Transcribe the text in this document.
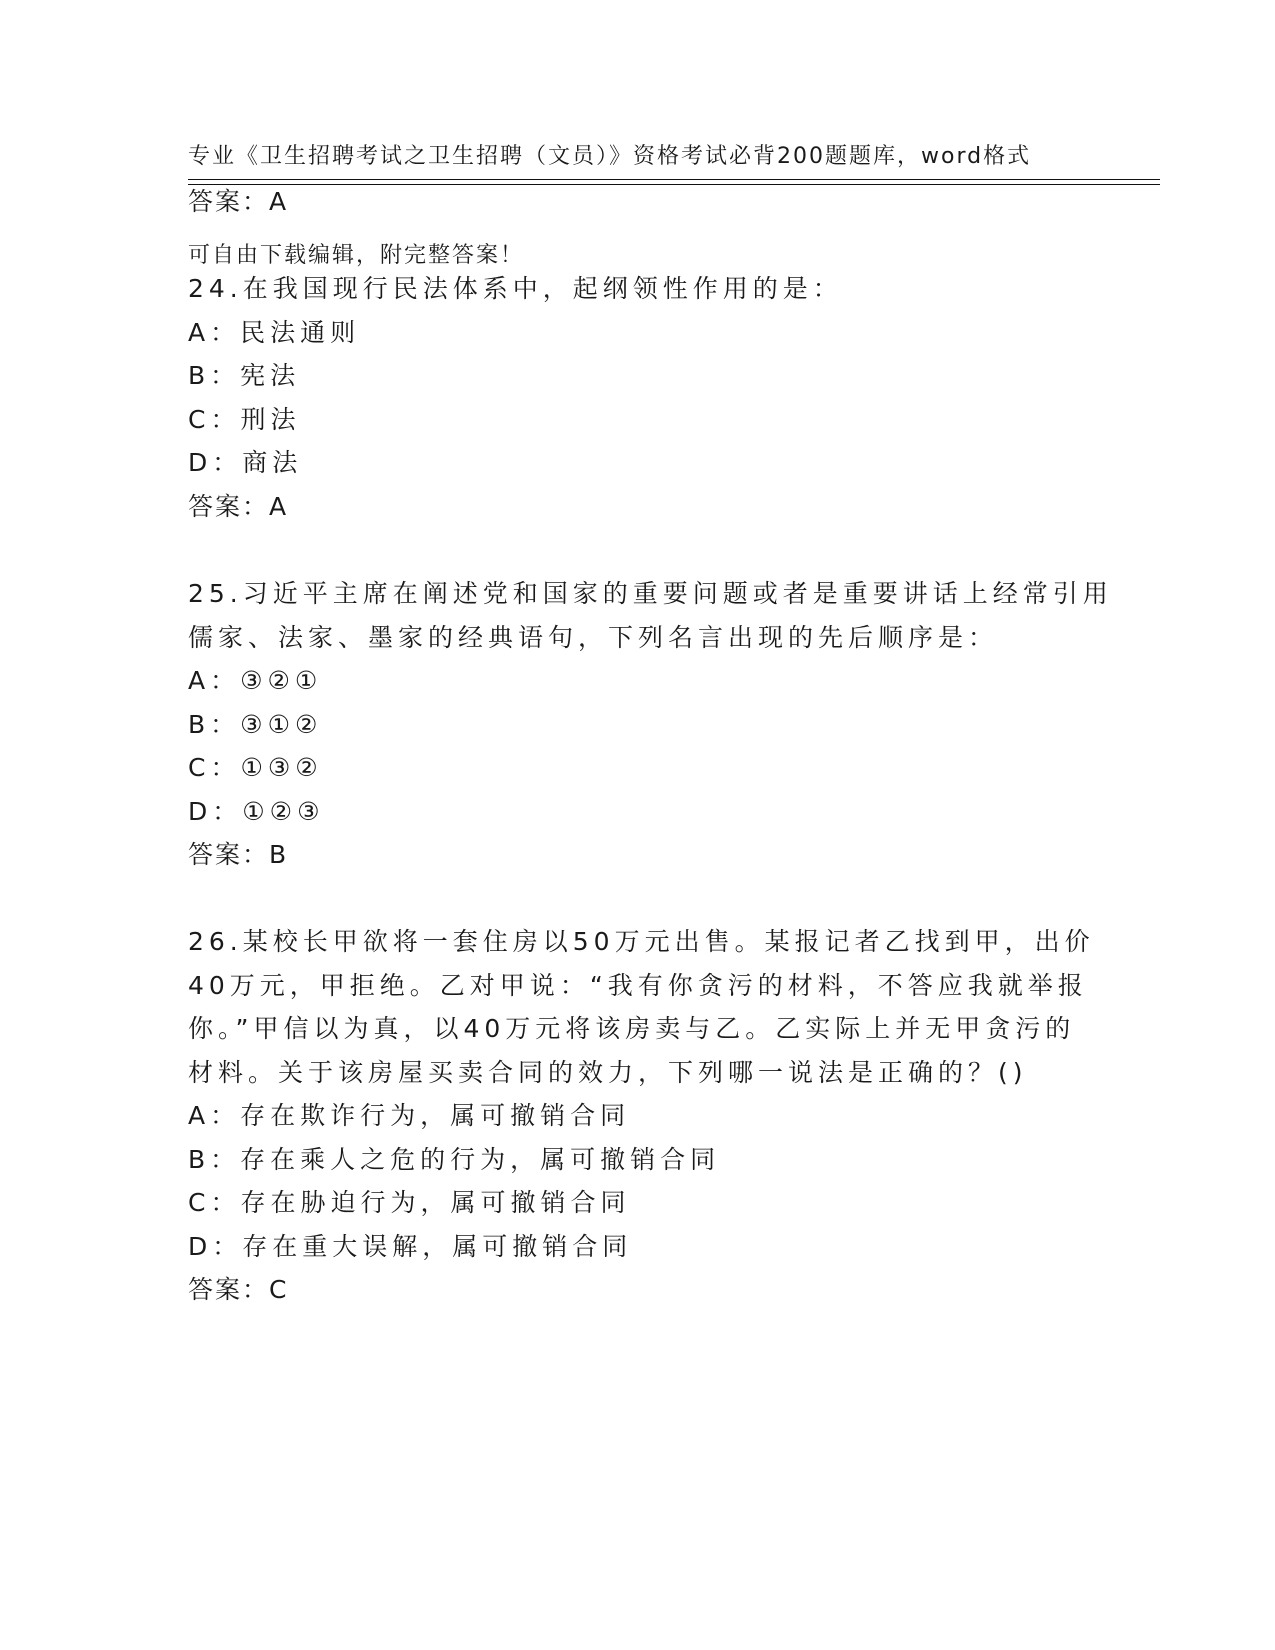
专业《卫生招聘考试之卫生招聘（文员）》资格考试必背200题题库，word格式

可自由下载编辑，附完整答案！

答案：A
24.在我国现行民法体系中，起纲领性作用的是：
A：民法通则
B：宪法
C：刑法
D：商法
答案：A
25.习近平主席在阐述党和国家的重要问题或者是重要讲话上经常引用
儒家、法家、墨家的经典语句，下列名言出现的先后顺序是：
A：③②①
B：③①②
C：①③②
D：①②③
答案：B
26.某校长甲欲将一套住房以50万元出售。某报记者乙找到甲，出价
40万元，甲拒绝。乙对甲说：“我有你贪污的材料，不答应我就举报
你。”甲信以为真，以40万元将该房卖与乙。乙实际上并无甲贪污的
材料。关于该房屋买卖合同的效力，下列哪一说法是正确的？()
A：存在欺诈行为，属可撤销合同
B：存在乘人之危的行为，属可撤销合同
C：存在胁迫行为，属可撤销合同
D：存在重大误解，属可撤销合同
答案：C
